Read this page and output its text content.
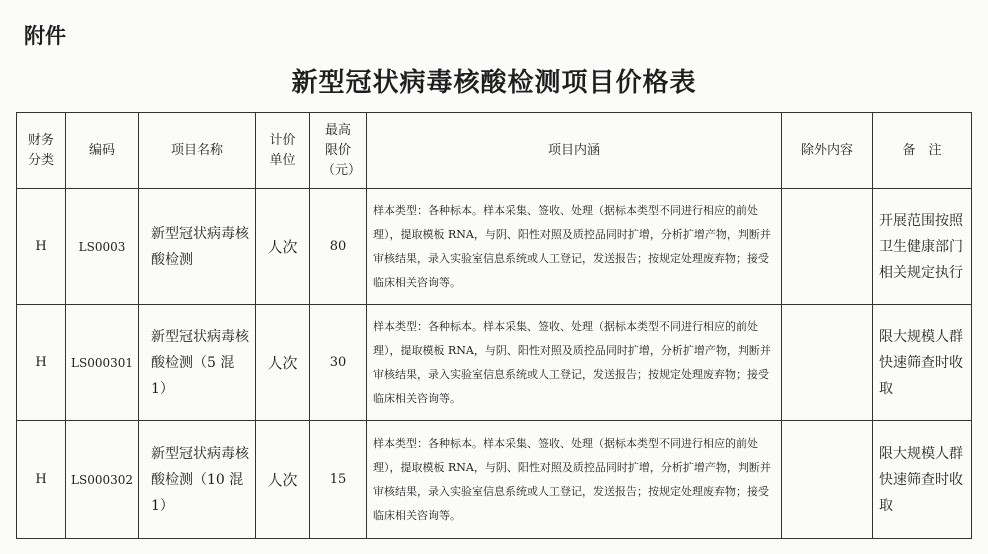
附件
新型冠状病毒核酸检测项目价格表
财务分类	编码	项目名称	计价单位	最高限价（元）	项目内涵	除外内容	备　注
H	LS0003	新型冠状病毒核酸检测	人次	80	样本类型：各种标本。样本采集、签收、处理（据标本类型不同进行相应的前处理），提取模板 RNA，与阴、阳性对照及质控品同时扩增，分析扩增产物，判断并审核结果，录入实验室信息系统或人工登记，发送报告；按规定处理废弃物；接受临床相关咨询等。		开展范围按照卫生健康部门相关规定执行
H	LS000301	新型冠状病毒核酸检测（5 混 1）	人次	30	样本类型：各种标本。样本采集、签收、处理（据标本类型不同进行相应的前处理），提取模板 RNA，与阴、阳性对照及质控品同时扩增，分析扩增产物，判断并审核结果，录入实验室信息系统或人工登记，发送报告；按规定处理废弃物；接受临床相关咨询等。		限大规模人群快速筛查时收取
H	LS000302	新型冠状病毒核酸检测（10 混 1）	人次	15	样本类型：各种标本。样本采集、签收、处理（据标本类型不同进行相应的前处理），提取模板 RNA，与阴、阳性对照及质控品同时扩增，分析扩增产物，判断并审核结果，录入实验室信息系统或人工登记，发送报告；按规定处理废弃物；接受临床相关咨询等。		限大规模人群快速筛查时收取
